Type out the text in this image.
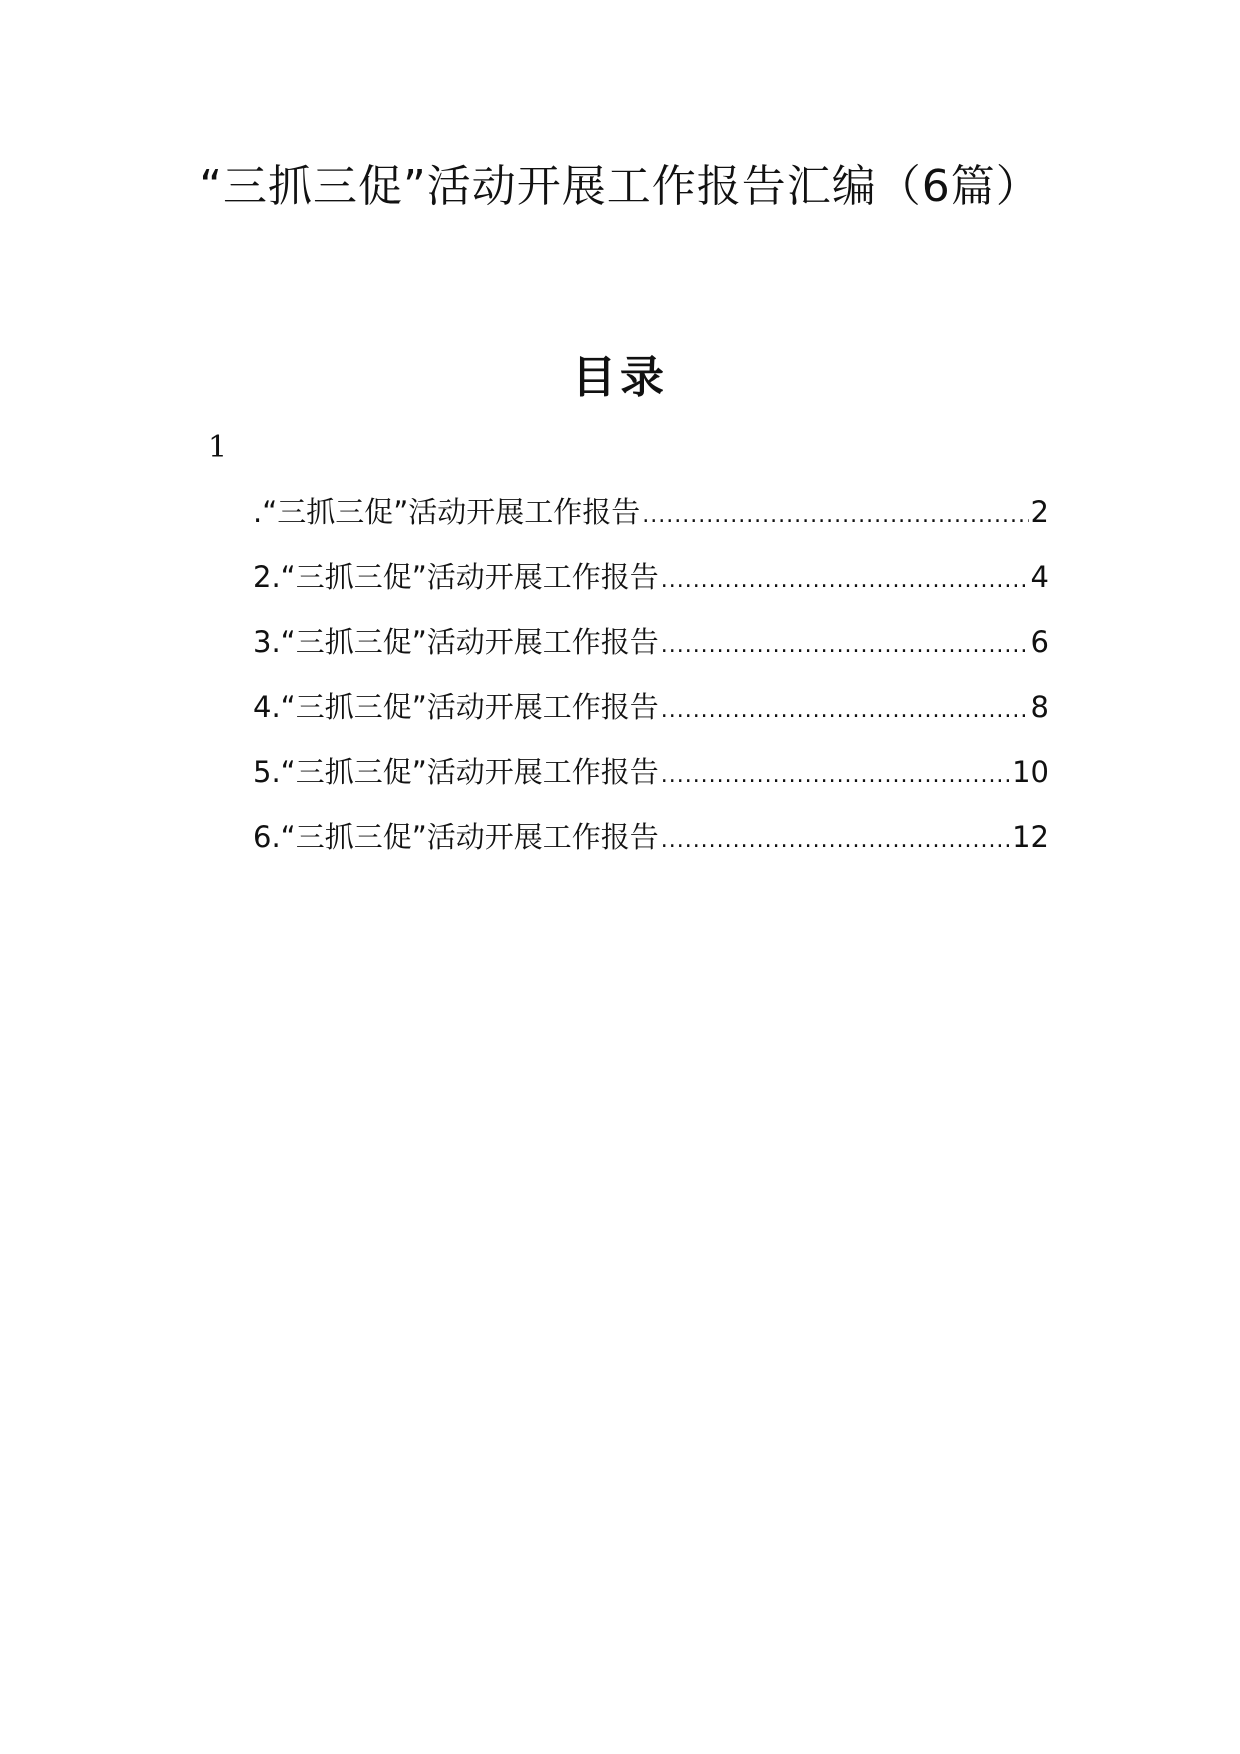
“三抓三促”活动开展工作报告汇编（6篇）
目录
1
.“三抓三促”活动开展工作报告 .....	2
2.“三抓三促”活动开展工作报告 .....	4
3.“三抓三促”活动开展工作报告 .....	6
4.“三抓三促”活动开展工作报告 .....	8
5.“三抓三促”活动开展工作报告 .....	10
6.“三抓三促”活动开展工作报告 .....	12
